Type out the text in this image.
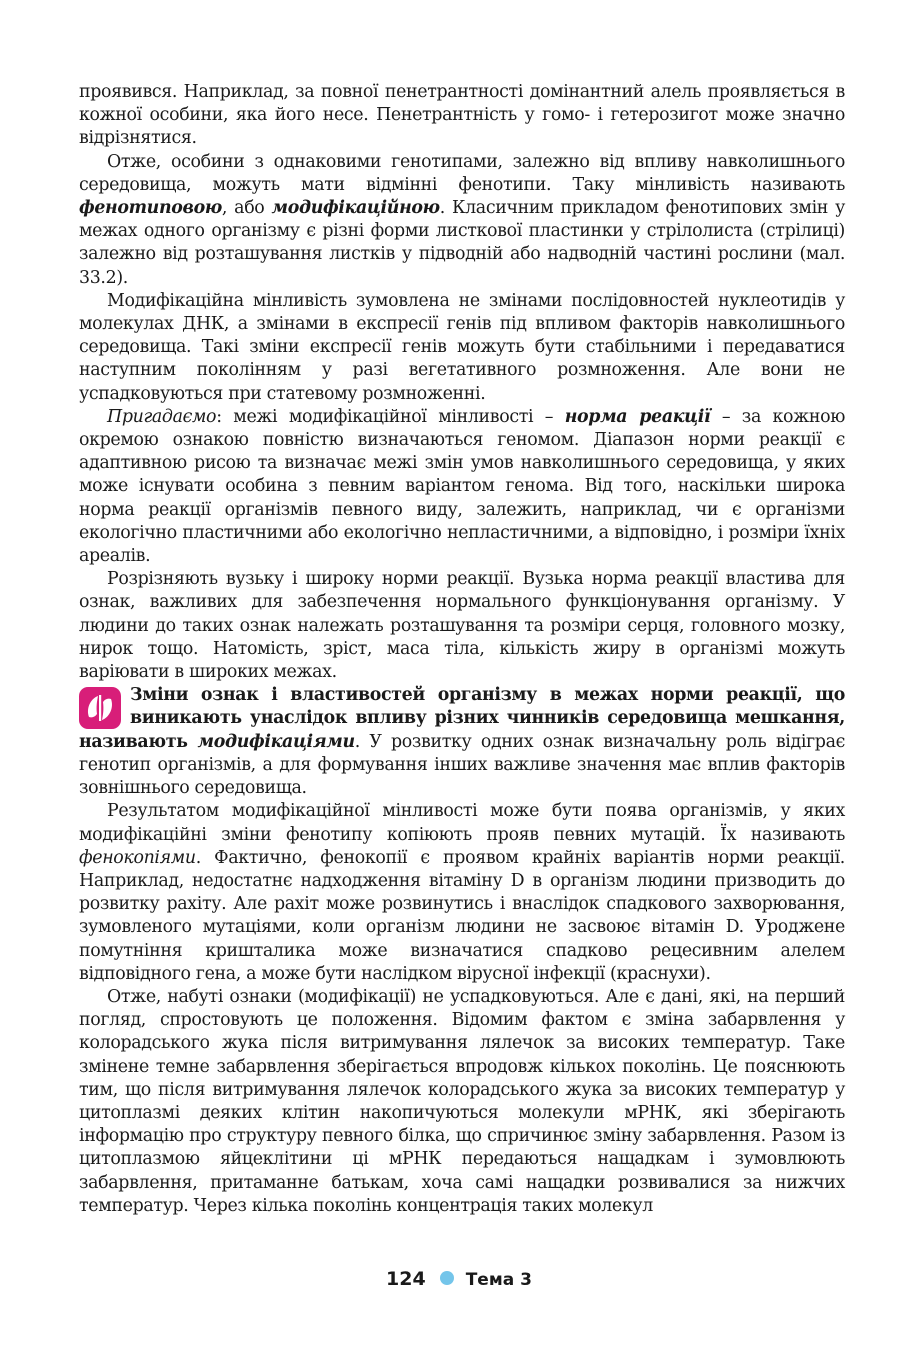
проявився. Наприклад, за повної пенетрантності домінантний алель проявляється в кожної особини, яка його несе. Пенетрантність у гомо- і гетерозигот може значно відрізнятися.

Отже, особини з однаковими генотипами, залежно від впливу навколишнього середовища, можуть мати відмінні фенотипи. Таку мінливість називають фенотиповою, або модифікаційною. Класичним прикладом фенотипових змін у межах одного організму є різні форми листкової пластинки у стрілолиста (стрілиці) залежно від розташування листків у підводній або надводній частині рослини (мал. 33.2).

Модифікаційна мінливість зумовлена не змінами послідовностей нуклеотидів у молекулах ДНК, а змінами в експресії генів під впливом факторів навколишнього середовища. Такі зміни експресії генів можуть бути стабільними і передаватися наступним поколінням у разі вегетативного розмноження. Але вони не успадковуються при статевому розмноженні.

Пригадаємо: межі модифікаційної мінливості – норма реакції – за кожною окремою ознакою повністю визначаються геномом. Діапазон норми реакції є адаптивною рисою та визначає межі змін умов навколишнього середовища, у яких може існувати особина з певним варіантом генома. Від того, наскільки широка норма реакції організмів певного виду, залежить, наприклад, чи є організми екологічно пластичними або екологічно непластичними, а відповідно, і розміри їхніх ареалів.

Розрізняють вузьку і широку норми реакції. Вузька норма реакції властива для ознак, важливих для забезпечення нормального функціонування організму. У людини до таких ознак належать розташування та розміри серця, головного мозку, нирок тощо. Натомість, зріст, маса тіла, кількість жиру в організмі можуть варіювати в широких межах.

Зміни ознак і властивостей організму в межах норми реакції, що виникають унаслідок впливу різних чинників середовища мешкання, називають модифікаціями. У розвитку одних ознак визначальну роль відіграє генотип організмів, а для формування інших важливе значення має вплив факторів зовнішнього середовища.

Результатом модифікаційної мінливості може бути поява організмів, у яких модифікаційні зміни фенотипу копіюють прояв певних мутацій. Їх називають фенокопіями. Фактично, фенокопії є проявом крайніх варіантів норми реакції. Наприклад, недостатнє надходження вітаміну D в організм людини призводить до розвитку рахіту. Але рахіт може розвинутись і внаслідок спадкового захворювання, зумовленого мутаціями, коли організм людини не засвоює вітамін D. Уроджене помутніння кришталика може визначатися спадково рецесивним алелем відповідного гена, а може бути наслідком вірусної інфекції (краснухи).

Отже, набуті ознаки (модифікації) не успадковуються. Але є дані, які, на перший погляд, спростовують це положення. Відомим фактом є зміна забарвлення у колорадського жука після витримування лялечок за високих температур. Таке змінене темне забарвлення зберігається впродовж кількох поколінь. Це пояснюють тим, що після витримування лялечок колорадського жука за високих температур у цитоплазмі деяких клітин накопичуються молекули мРНК, які зберігають інформацію про структуру певного білка, що спричинює зміну забарвлення. Разом із цитоплазмою яйцеклітини ці мРНК передаються нащадкам і зумовлюють забарвлення, притаманне батькам, хоча самі нащадки розвивалися за нижчих температур. Через кілька поколінь концентрація таких молекул

124 Тема 3
